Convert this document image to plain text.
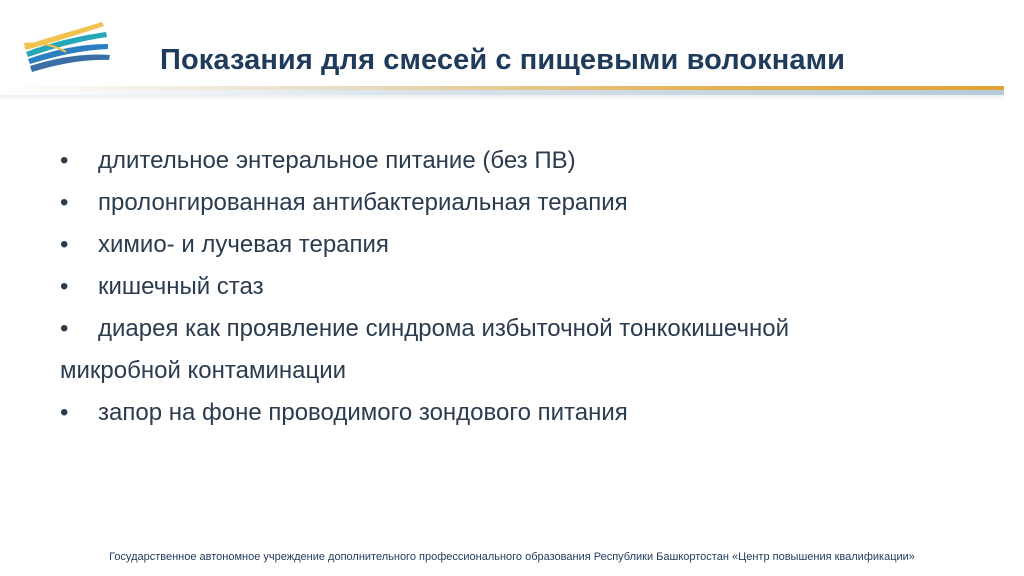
Показания для смесей с пищевыми волокнами
•	длительное энтеральное питание (без ПВ)
•	пролонгированная антибактериальная терапия
•	химио- и лучевая терапия
•	кишечный стаз
•	диарея как проявление синдрома избыточной тонкокишечной
микробной контаминации
•	запор на фоне проводимого зондового питания
Государственное автономное учреждение дополнительного профессионального образования Республики Башкортостан «Центр повышения квалификации»
